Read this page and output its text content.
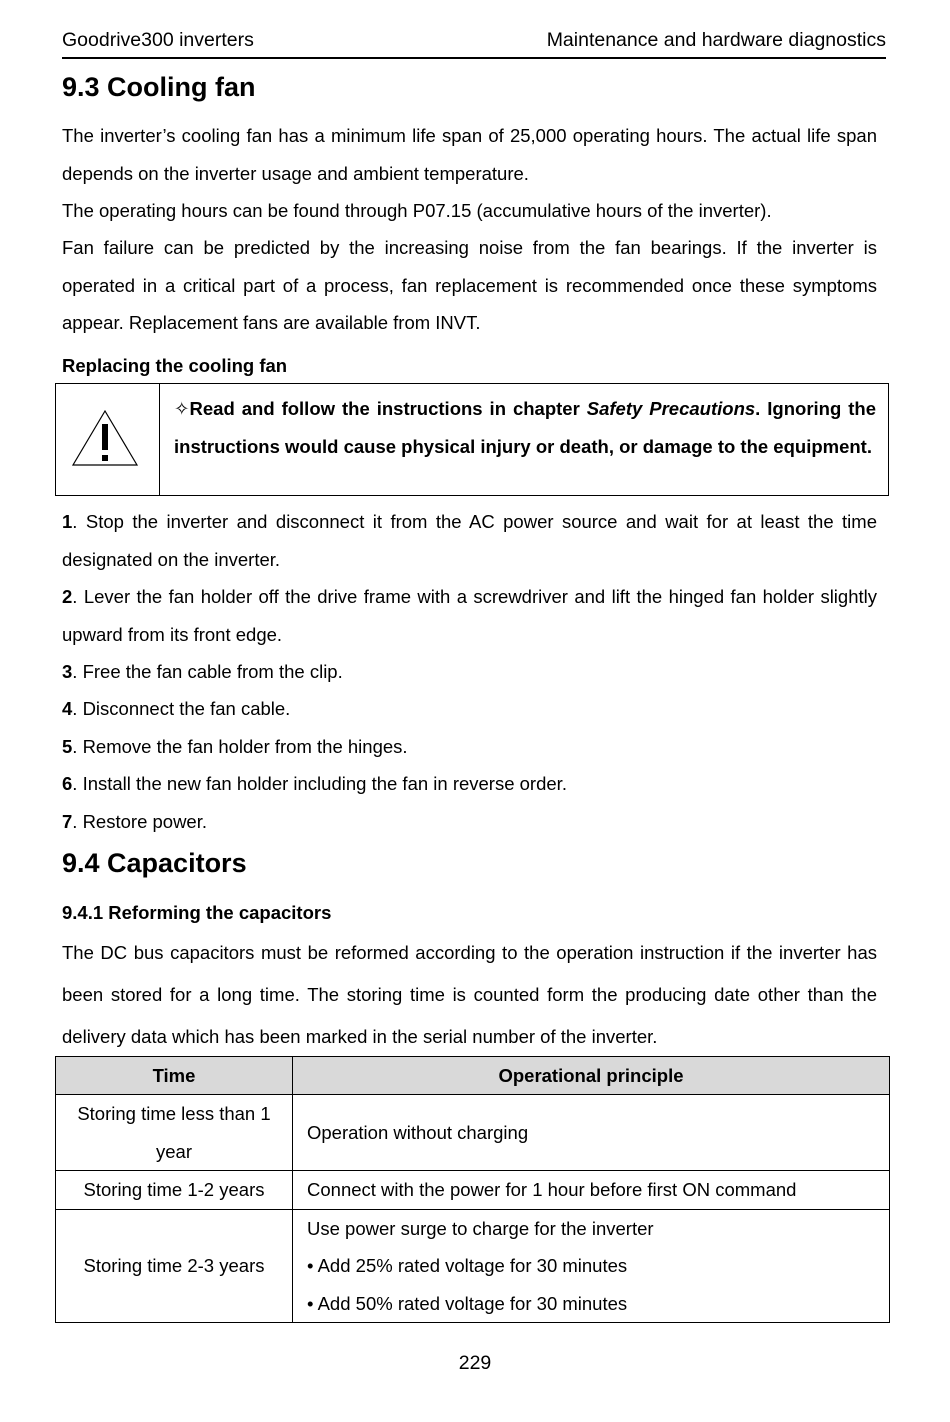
Goodrive300 inverters	Maintenance and hardware diagnostics
9.3 Cooling fan

The inverter’s cooling fan has a minimum life span of 25,000 operating hours. The actual life span depends on the inverter usage and ambient temperature.

The operating hours can be found through P07.15 (accumulative hours of the inverter).

Fan failure can be predicted by the increasing noise from the fan bearings. If the inverter is operated in a critical part of a process, fan replacement is recommended once these symptoms appear. Replacement fans are available from INVT.

Replacing the cooling fan

✧Read and follow the instructions in chapter Safety Precautions. Ignoring the instructions would cause physical injury or death, or damage to the equipment.

1. Stop the inverter and disconnect it from the AC power source and wait for at least the time designated on the inverter.

2. Lever the fan holder off the drive frame with a screwdriver and lift the hinged fan holder slightly upward from its front edge.

3. Free the fan cable from the clip.

4. Disconnect the fan cable.

5. Remove the fan holder from the hinges.

6. Install the new fan holder including the fan in reverse order.

7. Restore power.

9.4 Capacitors

9.4.1 Reforming the capacitors

The DC bus capacitors must be reformed according to the operation instruction if the inverter has been stored for a long time. The storing time is counted form the producing date other than the delivery data which has been marked in the serial number of the inverter.

Time	Operational principle
Storing time less than 1 year	Operation without charging
Storing time 1-2 years	Connect with the power for 1 hour before first ON command
Storing time 2-3 years	Use power surge to charge for the inverter
• Add 25% rated voltage for 30 minutes
• Add 50% rated voltage for 30 minutes
229
